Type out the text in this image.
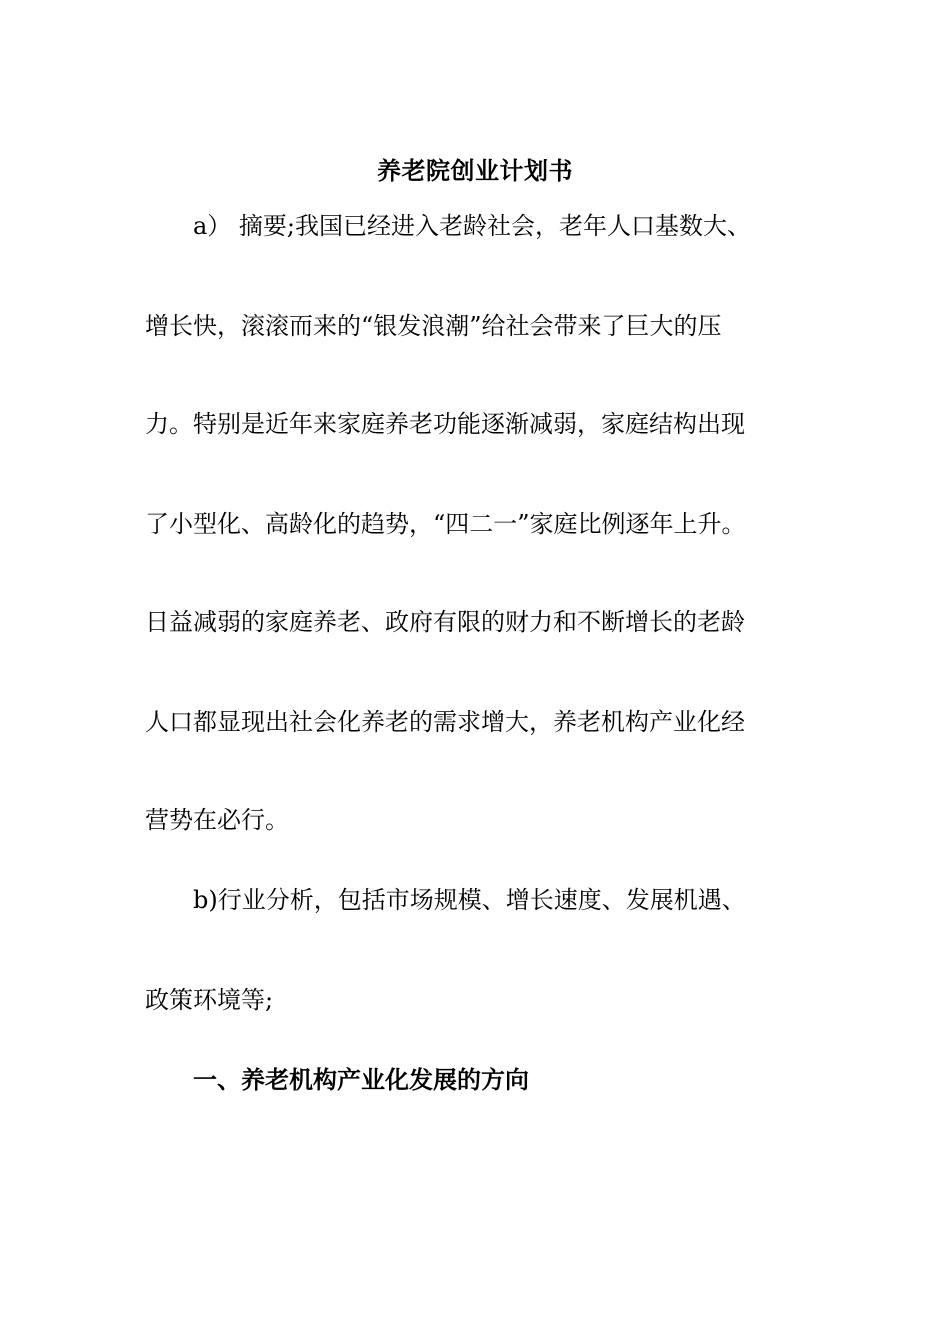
养老院创业计划书
　　a） 摘要;我国已经进入老龄社会，老年人口基数大、
增长快，滚滚而来的“银发浪潮”给社会带来了巨大的压
力。特别是近年来家庭养老功能逐渐减弱，家庭结构出现
了小型化、高龄化的趋势，“四二一”家庭比例逐年上升。
日益减弱的家庭养老、政府有限的财力和不断增长的老龄
人口都显现出社会化养老的需求增大，养老机构产业化经
营势在必行。
　　b)行业分析，包括市场规模、增长速度、发展机遇、
政策环境等;
一、养老机构产业化发展的方向
